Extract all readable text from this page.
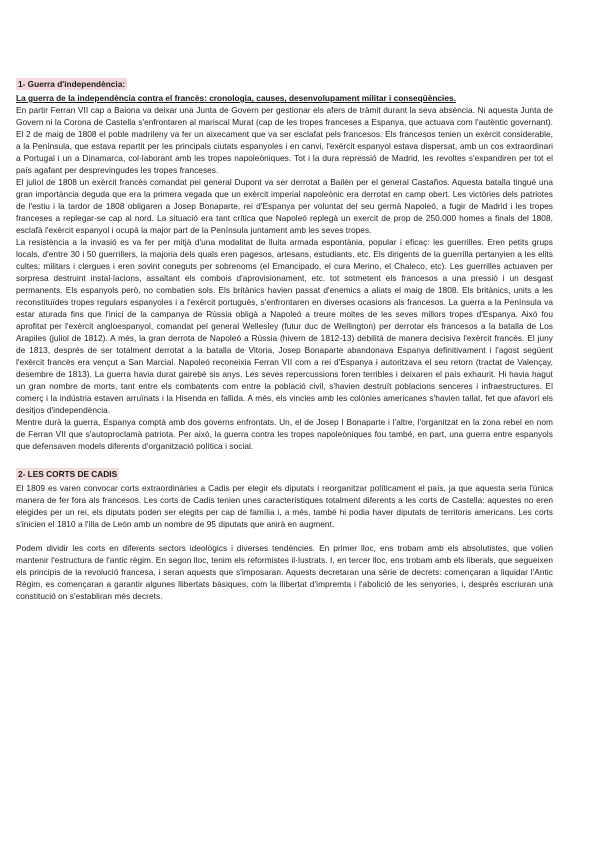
1- Guerra d'independència:
La guerra de la independència contra el francès: cronologia, causes, desenvolupament militar i conseqüències.

En partir Ferran VII cap a Baiona va deixar una Junta de Govern per gestionar els afers de tràmit durant la seva absència. Ni aquesta Junta de Govern ni la Corona de Castella s'enfrontaren al mariscal Murat (cap de les tropes franceses a Espanya, que actuava com l'autèntic governant). El 2 de maig de 1808 el poble madrileny va fer un aixecament que va ser esclafat pels francesos. Els francesos tenien un exèrcit considerable, a la Península, que estava repartit per les principals ciutats espanyoles i en canvi, l'exèrcit espanyol estava dispersat, amb un cos extraordinari a Portugal i un a Dinamarca, col·laborant amb les tropes napoleòniques. Tot i la dura repressió de Madrid, les revoltes s'expandiren per tot el país agafant per desprevingudes les tropes franceses.

El juliol de 1808 un exèrcit francès comandat pel general Dupont va ser derrotat a Bailén per el general Castaños. Aquesta batalla tingué una gran importància deguda que era la primera vegada que un exèrcit imperial napoleònic era derrotat en camp obert. Les victòries dels patriotes de l'estiu i la tardor de 1808 obligaren a Josep Bonaparte, rei d'Espanya per voluntat del seu germà Napoleó, a fugir de Madrid i les tropes franceses a replegar-se cap al nord. La situació era tant crítica que Napoleó replegà un exercit de prop de 250.000 homes a finals del 1808, esclafà l'exèrcit espanyol i ocupà la major part de la Península juntament amb les seves tropes.

La resistència a la invasió es va fer per mitjà d'una modalitat de lluita armada espontània, popular i eficaç: les guerrilles. Eren petits grups locals, d'entre 30 i 50 guerrillers, la majoria dels quals eren pagesos, artesans, estudiants, etc. Els dirigents de la guerrilla pertanyien a les elits cultes: militars i clergues i eren sovint coneguts per sobrenoms (el Emancipado, el cura Merino, el Chaleco, etc). Les guerrilles actuaven per sorpresa destruint instal·lacions, assaltant els combois d'aprovisionament, etc. tot sotmetent els francesos a una pressió i un desgast permanents. Els espanyols però, no combatien sols. Els britànics havien passat d'enemics a aliats el maig de 1808. Els britànics, units a les reconstituïdes tropes regulars espanyoles i a l'exèrcit portuguès, s'enfrontaren en diverses ocasions als francesos. La guerra a la Península va estar aturada fins que l'inici de la campanya de Rússia obligà a Napoleó a treure moltes de les seves millors tropes d'Espanya. Això fou aprofitat per l'exèrcit angloespanyol, comandat pel general Wellesley (futur duc de Wellington) per derrotar els francesos a la batalla de Los Arapiles (juliol de 1812). A més, la gran derrota de Napoleó a Rússia (hivern de 1812-13) debilità de manera decisiva l'exèrcit francès. El juny de 1813, després de ser totalment derrotat a la batalla de Vitoria, Josep Bonaparte abandonava Espanya definitivament i l'agost següent l'exèrcit francès era vençut a San Marcial. Napoleó reconeixia Ferran VII com a rei d'Espanya i autoritzava el seu retorn (tractat de Valençay, desembre de 1813). La guerra havia durat gairebé sis anys. Les seves repercussions foren terribles i deixaren el país exhaurit. Hi havia hagut un gran nombre de morts, tant entre els combatents com entre la població civil, s'havien destruït poblacions senceres i infraestructures. El comerç i la indústria estaven arruïnats i la Hisenda en fallida. A més, els vincles amb les colònies americanes s'havien tallat, fet que afavorí els desitjos d'independència.

Mentre durà la guerra, Espanya comptà amb dos governs enfrontats. Un, el de Josep I Bonaparte i l'altre, l'organitzat en la zona rebel en nom de Ferran VII que s'autoproclamà patriota. Per això, la guerra contra les tropes napoleòniques fou també, en part, una guerra entre espanyols que defensaven models diferents d'organització política i social.

2- LES CORTS DE CADIS

El 1809 es varen convocar corts extraordinàries a Cadis per elegir els diputats i reorganitzar políticament el país, ja que aquesta seria l'única manera de fer fora als francesos. Les corts de Cadis tenien unes característiques totalment diferents a les corts de Castella: aquestes no eren elegides per un rei, els diputats poden ser elegits per cap de família i, a més, també hi podia haver diputats de territoris americans. Les corts s'inicien el 1810 a l'illa de León amb un nombre de 95 diputats que anirà en augment.

Podem dividir les corts en diferents sectors ideològics i diverses tendències. En primer lloc, ens trobam amb els absolutistes, que volien mantenir l'estructura de l'antic règim. En segon lloc, tenim els reformistes il·lustrats. I, en tercer lloc, ens trobam amb els liberals, que segueixen els principis de la revolució francesa, i seran aquests que s'imposaran. Aquests decretaran una sèrie de decrets: començaran a liquidar l'Antic Règim, es començaran a garantir algunes llibertats bàsiques, com la llibertat d'impremta i l'abolició de les senyories, i, després escriuran una constitució on s'establiran més decrets.
